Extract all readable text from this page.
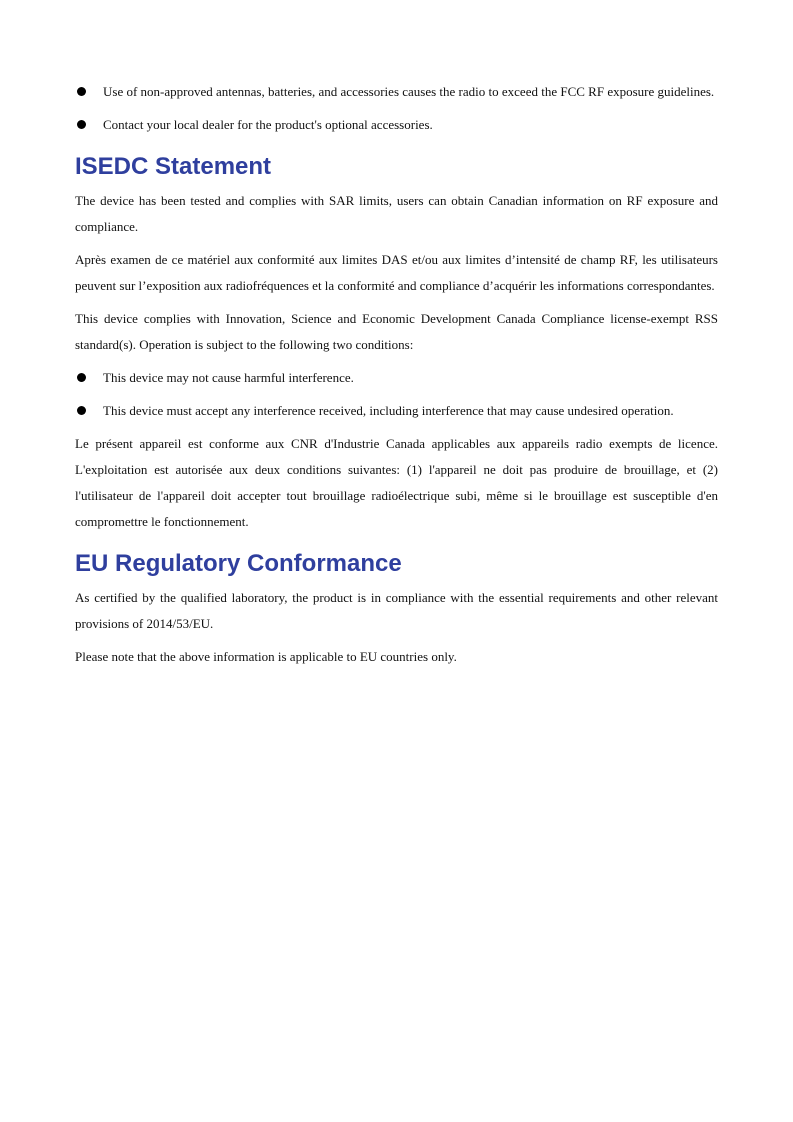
Use of non-approved antennas, batteries, and accessories causes the radio to exceed the FCC RF exposure guidelines.
Contact your local dealer for the product's optional accessories.
ISEDC Statement

The device has been tested and complies with SAR limits, users can obtain Canadian information on RF exposure and compliance.

Après examen de ce matériel aux conformité aux limites DAS et/ou aux limites d’intensité de champ RF, les utilisateurs peuvent sur l’exposition aux radiofréquences et la conformité and compliance d’acquérir les informations correspondantes.

This device complies with Innovation, Science and Economic Development Canada Compliance license-exempt RSS standard(s). Operation is subject to the following two conditions:

This device may not cause harmful interference.
This device must accept any interference received, including interference that may cause undesired operation.

Le présent appareil est conforme aux CNR d'Industrie Canada applicables aux appareils radio exempts de licence. L'exploitation est autorisée aux deux conditions suivantes: (1) l'appareil ne doit pas produire de brouillage, et (2) l'utilisateur de l'appareil doit accepter tout brouillage radioélectrique subi, même si le brouillage est susceptible d'en compromettre le fonctionnement.

EU Regulatory Conformance

As certified by the qualified laboratory, the product is in compliance with the essential requirements and other relevant provisions of 2014/53/EU.

Please note that the above information is applicable to EU countries only.
